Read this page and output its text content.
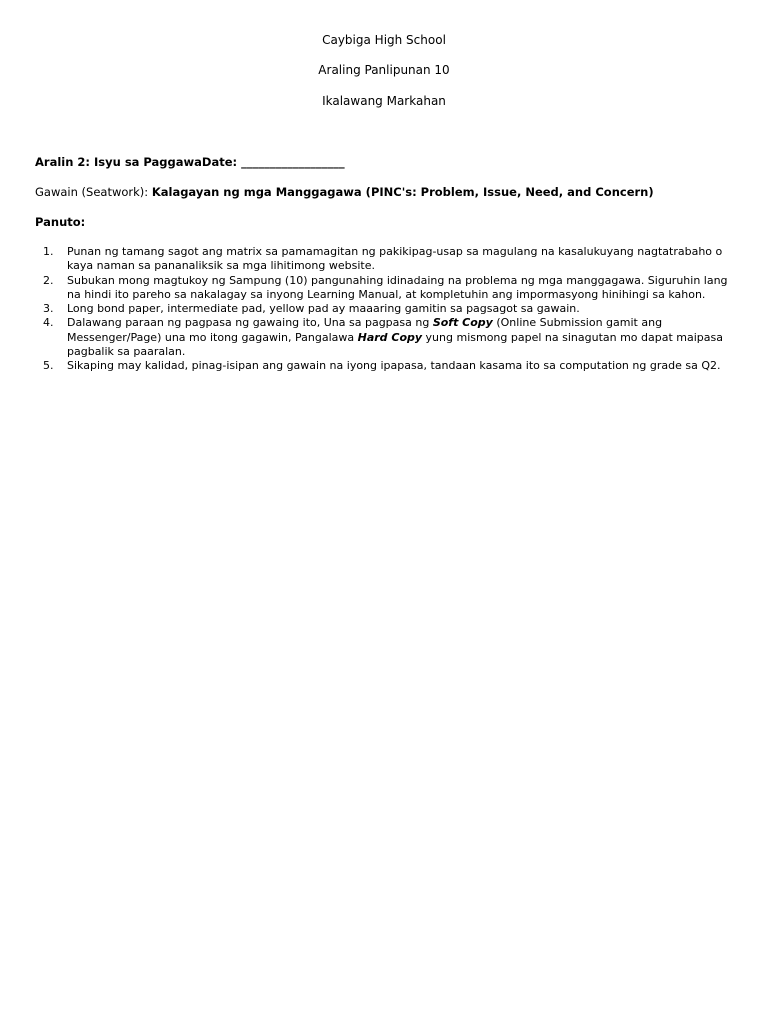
Caybiga High School
Araling Panlipunan 10
Ikalawang Markahan
Aralin 2: Isyu sa PaggawaDate: __________________
Gawain (Seatwork): Kalagayan ng mga Manggagawa (PINC's: Problem, Issue, Need, and Concern)
Panuto:
1. Punan ng tamang sagot ang matrix sa pamamagitan ng pakikipag-usap sa magulang na kasalukuyang nagtatrabaho o kaya naman sa pananaliksik sa mga lihitimong website.
2. Subukan mong magtukoy ng Sampung (10) pangunahing idinadaing na problema ng mga manggagawa. Siguruhin lang na hindi ito pareho sa nakalagay sa inyong Learning Manual, at kompletuhin ang impormasyong hinihingi sa kahon.
3. Long bond paper, intermediate pad, yellow pad ay maaaring gamitin sa pagsagot sa gawain.
4. Dalawang paraan ng pagpasa ng gawaing ito, Una sa pagpasa ng Soft Copy (Online Submission gamit ang Messenger/Page) una mo itong gagawin, Pangalawa Hard Copy yung mismong papel na sinagutan mo dapat maipasa pagbalik sa paaralan.
5. Sikaping may kalidad, pinag-isipan ang gawain na iyong ipapasa, tandaan kasama ito sa computation ng grade sa Q2.
